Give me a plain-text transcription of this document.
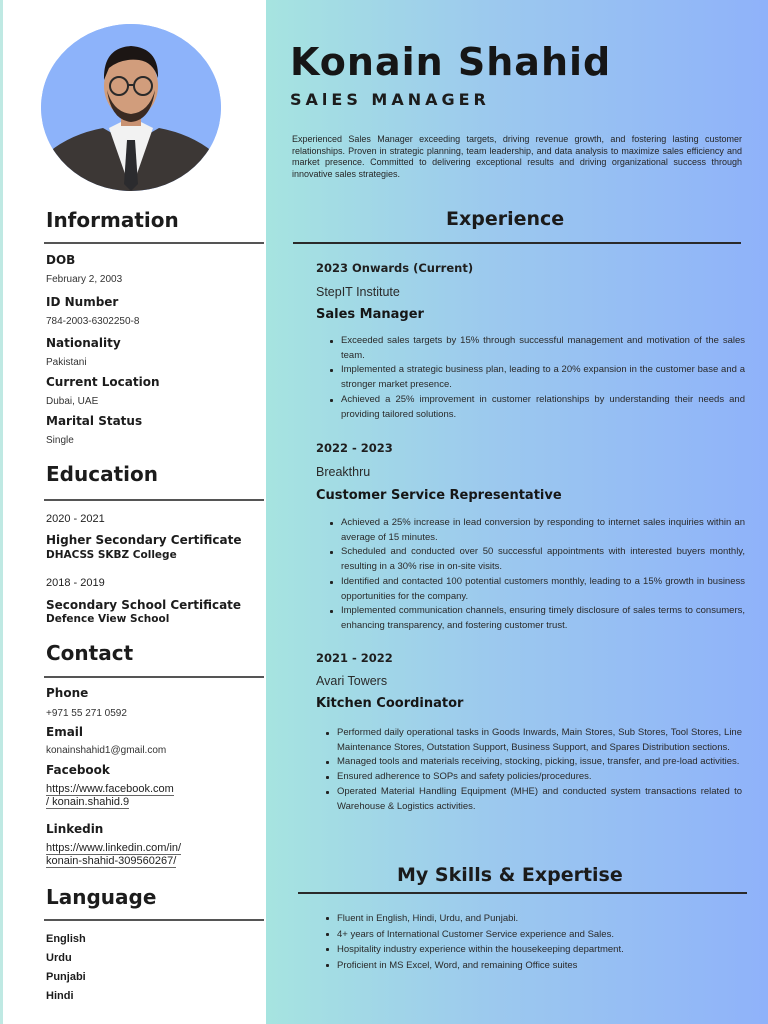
Information
DOB
February 2, 2003
ID Number
784-2003-6302250-8
Nationality
Pakistani
Current Location
Dubai, UAE
Marital Status
Single
Education
2020 - 2021
Higher Secondary Certificate
DHACSS SKBZ College
2018 - 2019
Secondary School Certificate
Defence View School
Contact
Phone
+971 55 271 0592
Email
konainshahid1@gmail.com
Facebook
https://www.facebook.com
/ konain.shahid.9
Linkedin
https://www.linkedin.com/in/
konain-shahid-309560267/
Language
English
Urdu
Punjabi
Hindi
Konain Shahid
SAlES MANAGER
Experienced Sales Manager exceeding targets, driving revenue growth, and fostering lasting customer relationships. Proven in strategic planning, team leadership, and data analysis to maximize sales efficiency and market presence. Committed to delivering exceptional results and driving organizational success through innovative sales strategies.
Experience
2023 Onwards (Current)
StepIT Institute
Sales Manager
Exceeded sales targets by 15% through successful management and motivation of the sales team.
Implemented a strategic business plan, leading to a 20% expansion in the customer base and a stronger market presence.
Achieved a 25% improvement in customer relationships by understanding their needs and providing tailored solutions.
2022 - 2023
Breakthru
Customer Service Representative
Achieved a 25% increase in lead conversion by responding to internet sales inquiries within an average of 15 minutes.
Scheduled and conducted over 50 successful appointments with interested buyers monthly, resulting in a 30% rise in on-site visits.
Identified and contacted 100 potential customers monthly, leading to a 15% growth in business opportunities for the company.
Implemented communication channels, ensuring timely disclosure of sales terms to consumers, enhancing transparency, and fostering customer trust.
2021 - 2022
Avari Towers
Kitchen Coordinator
Performed daily operational tasks in Goods Inwards, Main Stores, Sub Stores, Tool Stores, Line Maintenance Stores, Outstation Support, Business Support, and Spares Distribution sections.
Managed tools and materials receiving, stocking, picking, issue, transfer, and pre-load activities.
Ensured adherence to SOPs and safety policies/procedures.
Operated Material Handling Equipment (MHE) and conducted system transactions related to Warehouse & Logistics activities.
My Skills & Expertise
Fluent in English, Hindi, Urdu, and Punjabi.
4+ years of International Customer Service experience and Sales.
Hospitality industry experience within the housekeeping department.
Proficient in MS Excel, Word, and remaining Office suites
